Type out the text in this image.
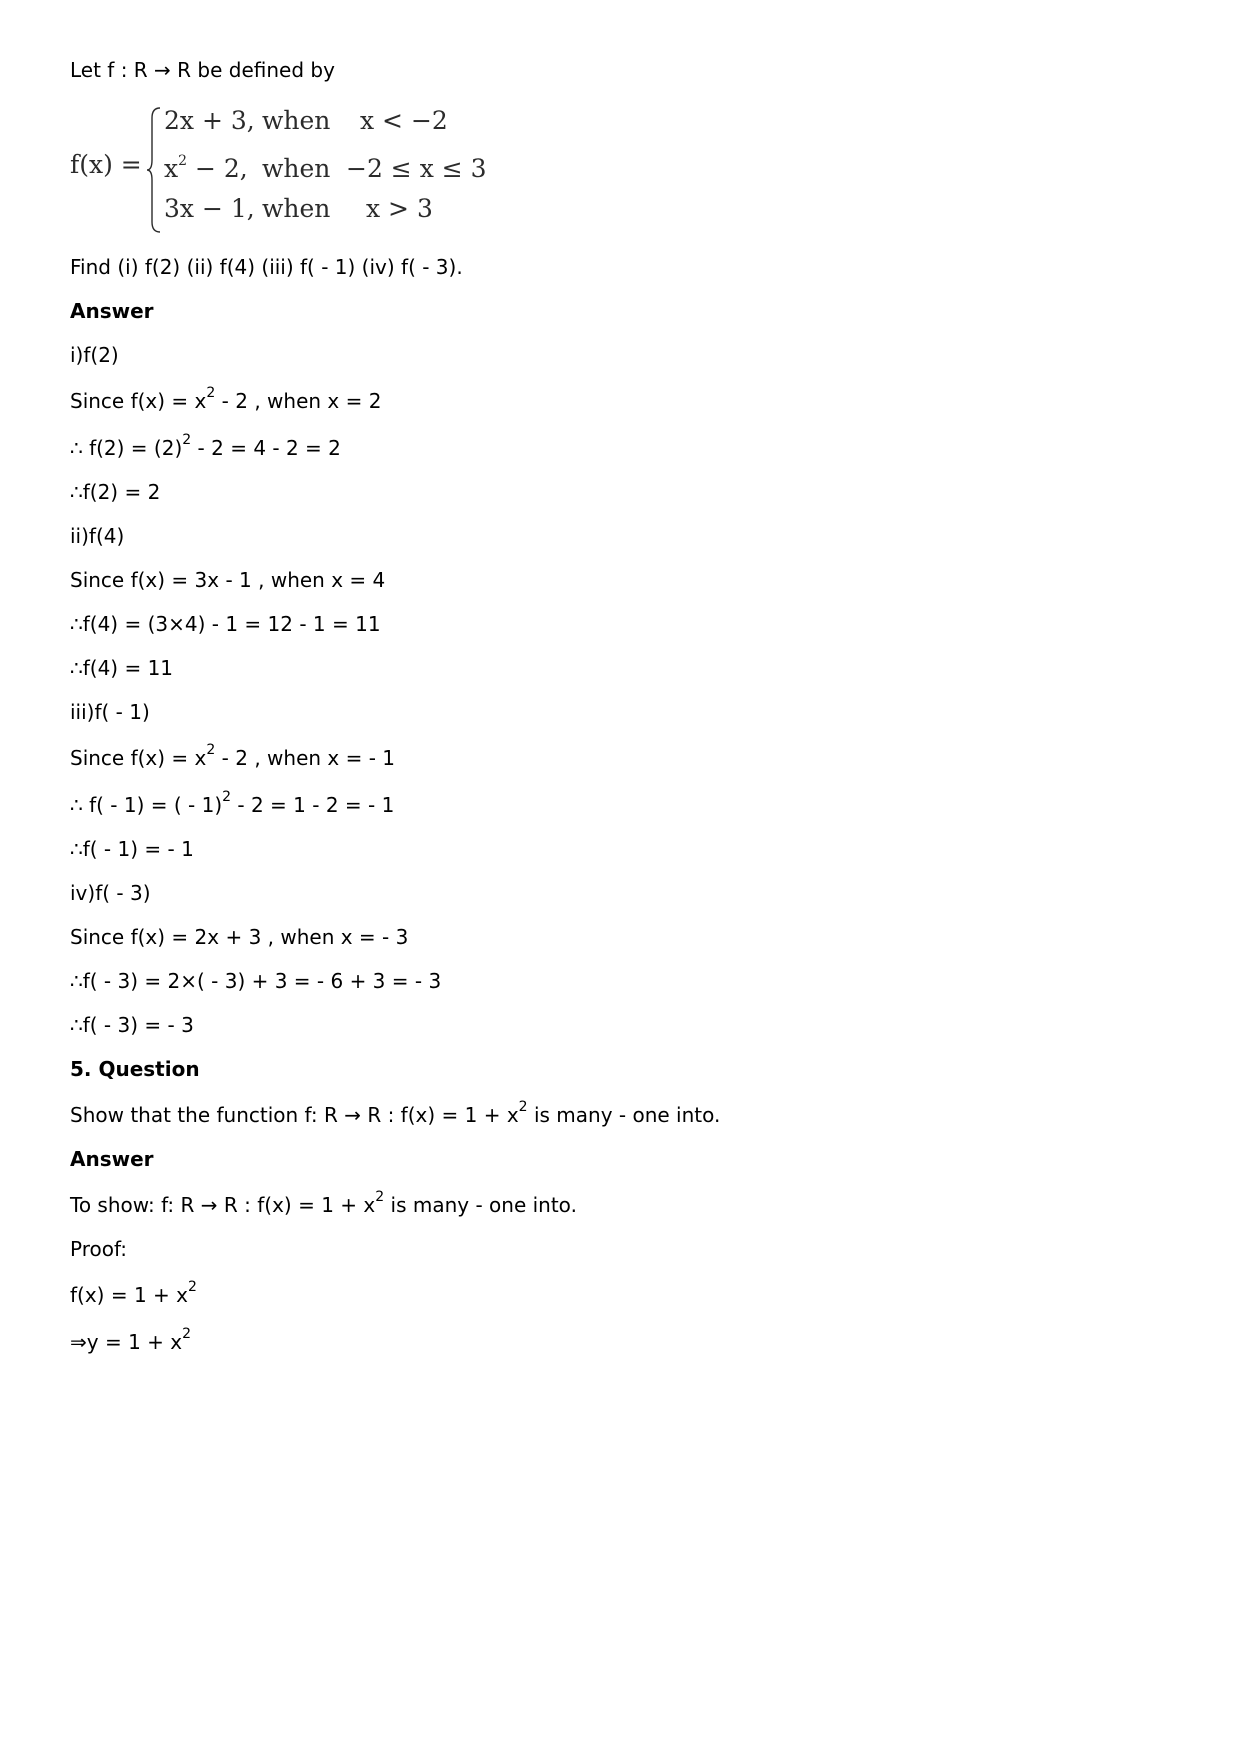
Let f : R → R be defined by
f(x) =
2x + 3, when x < −2
$x^2 - 2$, when −2 ≤ x ≤ 3
3x − 1, when x > 3
Find (i) f(2) (ii) f(4) (iii) f( - 1) (iv) f( - 3).
Answer
i)f(2)
Since $f(x) = x^2 - 2$ , when x = 2
∴ $f(2) = (2)^2 - 2 = 4 - 2 = 2$
∴f(2) = 2
ii)f(4)
Since f(x) = 3x - 1 , when x = 4
∴f(4) = (3×4) - 1 = 12 - 1 = 11
∴f(4) = 11
iii)f( - 1)
Since $f(x) = x^2 - 2$ , when x = - 1
∴ f( - 1) = ( - 1)$^2$ - 2 = 1 - 2 = - 1
∴f( - 1) = - 1
iv)f( - 3)
Since f(x) = 2x + 3 , when x = - 3
∴f( - 3) = 2×( - 3) + 3 = - 6 + 3 = - 3
∴f( - 3) = - 3
5. Question
Show that the function f: R → R : $f(x) = 1 + x^2$ is many - one into.
Answer
To show: f: R → R : $f(x) = 1 + x^2$ is many - one into.
Proof:
$f(x) = 1 + x^2$
⇒y = $1 + x^2$
